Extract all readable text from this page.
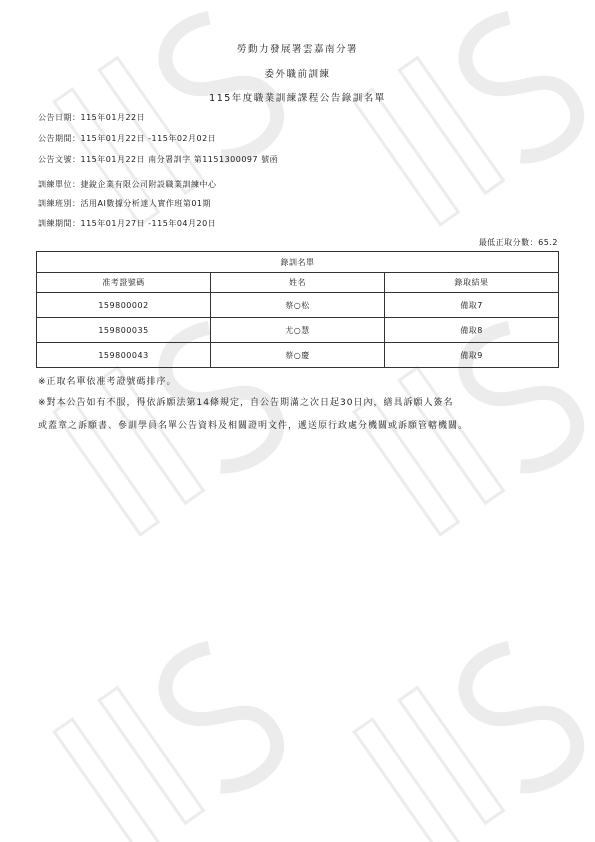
勞動力發展署雲嘉南分署
委外職前訓練
115年度職業訓練課程公告錄訓名單
公告日期：115年01月22日
公告期間：115年01月22日 -115年02月02日
公告文號：115年01月22日 南分署訓字 第1151300097 號函
訓練單位：捷銳企業有限公司附設職業訓練中心
訓練班別：活用AI數據分析達人實作班第01期
訓練期間：115年01月27日 -115年04月20日
最低正取分數：65.2
錄訓名單		
准考證號碼	姓名	錄取結果
159800002	蔡○松	備取7
159800035	尤○慧	備取8
159800043	蔡○慶	備取9
※正取名單依准考證號碼排序。
※對本公告如有不服，得依訴願法第14條規定，自公告期滿之次日起30日內，繕具訴願人簽名
或蓋章之訴願書、參訓學員名單公告資料及相關證明文件，遞送原行政處分機關或訴願管轄機關。
